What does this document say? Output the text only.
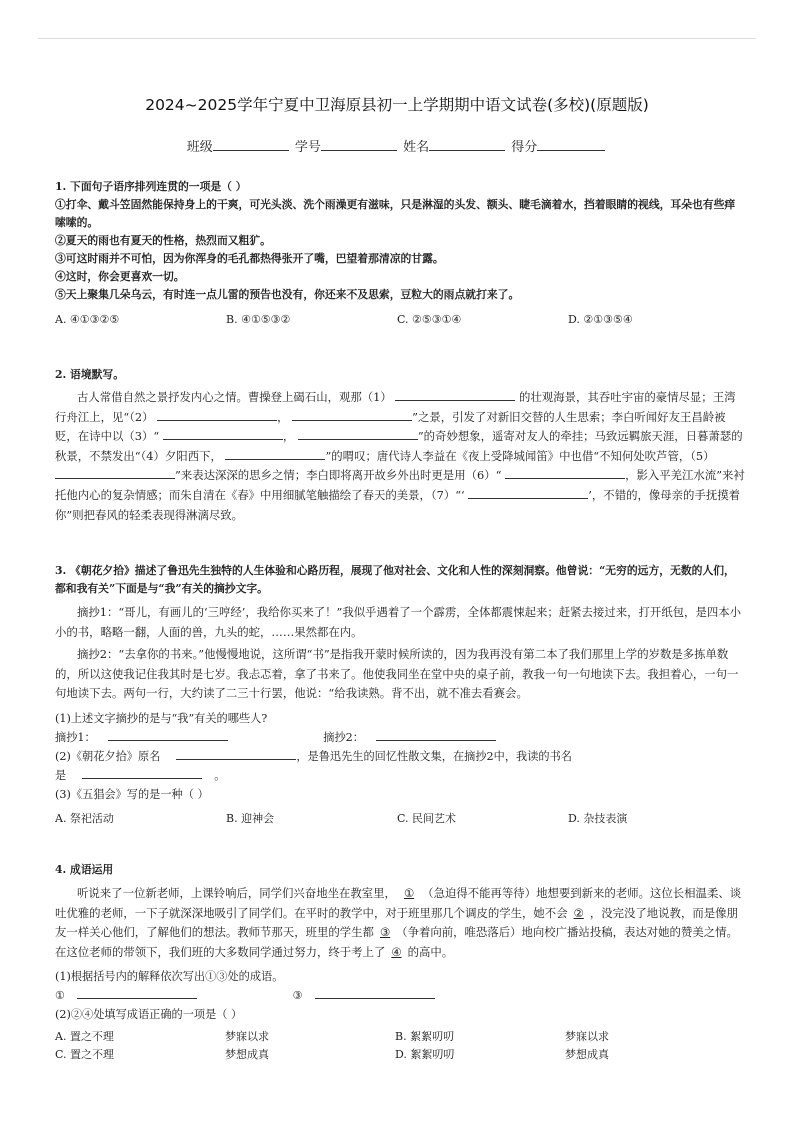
2024~2025学年宁夏中卫海原县初一上学期期中语文试卷(多校)(原题版)
班级	学号	姓名	得分
1. 下面句子语序排列连贯的一项是（ ）
①打伞、戴斗笠固然能保持身上的干爽，可光头淡、洗个雨澡更有滋味，只是淋湿的头发、额头、睫毛滴着水，挡着眼睛的视线，耳朵也有些痒嗦嗦的。
②夏天的雨也有夏天的性格，热烈而又粗犷。
③可这时雨并不可怕，因为你浑身的毛孔都热得张开了嘴，巴望着那清凉的甘露。
④这时，你会更喜欢一切。
⑤天上聚集几朵乌云，有时连一点儿雷的预告也没有，你还来不及思索，豆粒大的雨点就打来了。
A. ④①③②⑤	B. ④①⑤③②	C. ②⑤③①④	D. ②①③⑤④
2. 语境默写。
古人常借自然之景抒发内心之情。曹操登上碣石山，观那（1）	的壮观海景，其吞吐宇宙的豪情尽显；王湾行舟江上，见“（2）	，	”之景，引发了对新旧交替的人生思索；李白听闻好友王昌龄被贬，在诗中以（3）“	，	”的奇妙想象，遥寄对友人的牵挂；马致远羁旅天涯，日暮萧瑟的秋景，不禁发出“（4）夕阳西下，	”的喟叹；唐代诗人李益在《夜上受降城闻笛》中也借“不知何处吹芦管，（5） ”来表达深深的思乡之情；李白即将离开故乡外出时更是用（6）“	，影入平羌江水流”来衬托他内心的复杂情感；而朱自清在《春》中用细腻笔触描绘了春天的美景，（7）“‘	’，不错的，像母亲的手抚摸着你”则把春风的轻柔表现得淋漓尽致。
3. 《朝花夕拾》描述了鲁迅先生独特的人生体验和心路历程，展现了他对社会、文化和人性的深刻洞察。他曾说：“无穷的远方，无数的人们，都和我有关”下面是与“我”有关的摘抄文字。
摘抄1：“哥儿，有画儿的‘三哼经’，我给你买来了！”我似乎遇着了一个霹雳，全体都震悚起来；赶紧去接过来，打开纸包，是四本小小的书，略略一翻，人面的兽，九头的蛇，……果然都在内。
摘抄2：“去拿你的书来。”他慢慢地说，这所谓“书”是指我开蒙时候所读的，因为我再没有第二本了我们那里上学的岁数是多拣单数的，所以这使我记住我其时是七岁。我忐忑着，拿了书来了。他使我同坐在堂中央的桌子前，教我一句一句地读下去。我担着心，一句一句地读下去。两句一行，大约读了二三十行罢，他说：“给我读熟。背不出，就不准去看赛会。
(1)上述文字摘抄的是与“我”有关的哪些人?
摘抄1：	摘抄2：
(2)《朝花夕拾》原名	，是鲁迅先生的回忆性散文集，在摘抄2中，我读的书名
是	。
(3)《五猖会》写的是一种（ ）
A. 祭祀活动	B. 迎神会	C. 民间艺术	D. 杂技表演
4. 成语运用
听说来了一位新老师，上课铃响后，同学们兴奋地坐在教室里， ① （急迫得不能再等待）地想要到新来的老师。这位长相温柔、谈吐优雅的老师，一下子就深深地吸引了同学们。在平时的教学中，对于班里那几个调皮的学生，她不会 ② ，没完没了地说教，而是像朋友一样关心他们，了解他们的想法。教师节那天，班里的学生都 ③ （争着向前，唯恐落后）地向校广播站投稿，表达对她的赞美之情。在这位老师的带领下，我们班的大多数同学通过努力，终于考上了 ④ 的高中。
(1)根据括号内的解释依次写出①③处的成语。
①	③
(2)②④处填写成语正确的一项是（ ）
A. 置之不理	梦寐以求	B. 絮絮叨叨	梦寐以求
C. 置之不理	梦想成真	D. 絮絮叨叨	梦想成真
